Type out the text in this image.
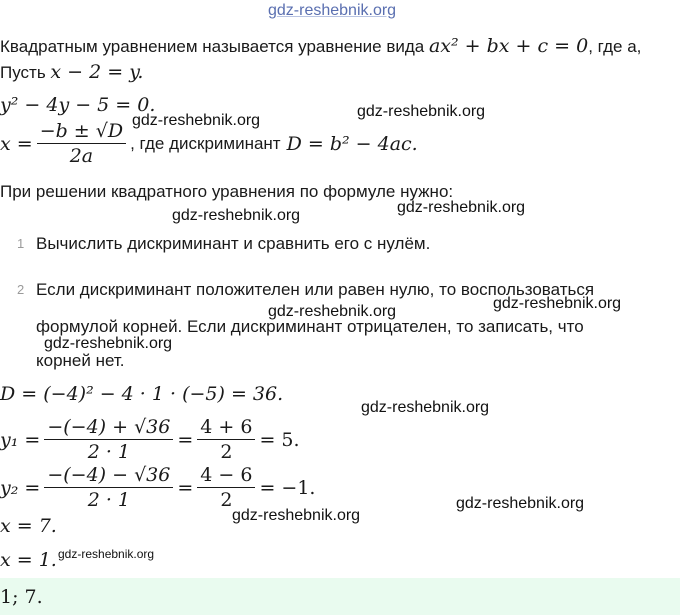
gdz-reshebnik.org
Квадратным уравнением называется уравнение вида ax² + bx + c = 0, где a,
Пусть x − 2 = y.
y² − 4y − 5 = 0.
$x = \frac{-b \pm √D}{2a}$ , где дискриминант D = b² − 4ac.
При решении квадратного уравнения по формуле нужно:
1 Вычислить дискриминант и сравнить его с нулём.
2 Если дискриминант положителен или равен нулю, то воспользоваться
формулой корней. Если дискриминант отрицателен, то записать, что
корней нет.
D = (−4)² − 4 · 1 · (−5) = 36.
$y_1 = \frac{-(-4) + √36}{2 \cdot 1} = \frac{4 + 6}{2} = 5$.
$y_2 = \frac{-(-4) - √36}{2 \cdot 1} = \frac{4 - 6}{2} = -1$.
x = 7.
x = 1.
1; 7.
gdz-reshebnik.org
gdz-reshebnik.org
gdz-reshebnik.org
gdz-reshebnik.org
gdz-reshebnik.org
gdz-reshebnik.org
gdz-reshebnik.org
gdz-reshebnik.org
gdz-reshebnik.org
gdz-reshebnik.org
gdz-reshebnik.org
